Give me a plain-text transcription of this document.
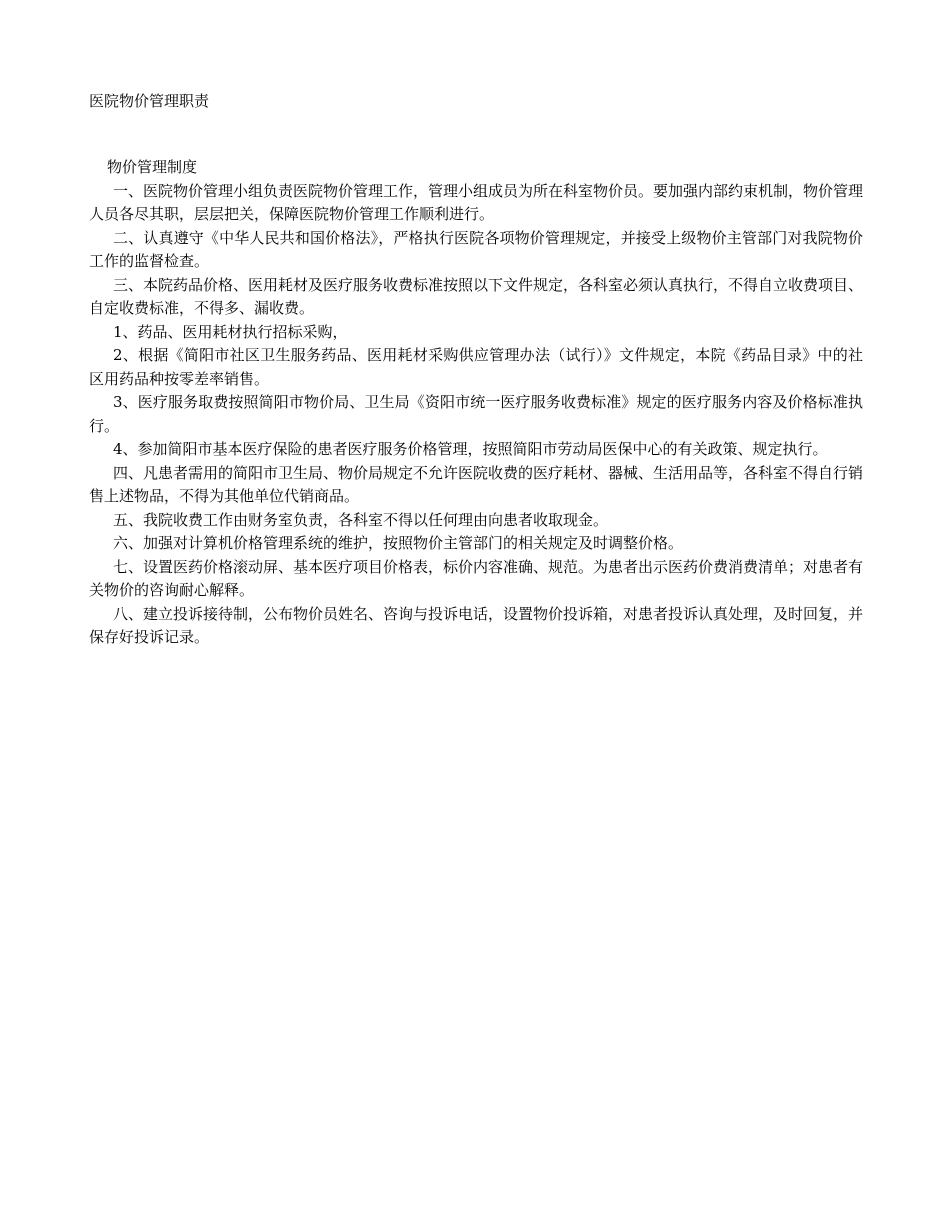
医院物价管理职责
物价管理制度

一、医院物价管理小组负责医院物价管理工作，管理小组成员为所在科室物价员。要加强内部约束机制，物价管理人员各尽其职，层层把关，保障医院物价管理工作顺利进行。

二、认真遵守《中华人民共和国价格法》，严格执行医院各项物价管理规定，并接受上级物价主管部门对我院物价工作的监督检查。

三、本院药品价格、医用耗材及医疗服务收费标准按照以下文件规定，各科室必须认真执行，不得自立收费项目、自定收费标准，不得多、漏收费。

1、药品、医用耗材执行招标采购，

2、根据《简阳市社区卫生服务药品、医用耗材采购供应管理办法（试行）》文件规定，本院《药品目录》中的社区用药品种按零差率销售。

3、医疗服务取费按照简阳市物价局、卫生局《资阳市统一医疗服务收费标准》规定的医疗服务内容及价格标准执行。

4、参加简阳市基本医疗保险的患者医疗服务价格管理，按照简阳市劳动局医保中心的有关政策、规定执行。

四、凡患者需用的简阳市卫生局、物价局规定不允许医院收费的医疗耗材、器械、生活用品等，各科室不得自行销售上述物品，不得为其他单位代销商品。

五、我院收费工作由财务室负责，各科室不得以任何理由向患者收取现金。

六、加强对计算机价格管理系统的维护，按照物价主管部门的相关规定及时调整价格。

七、设置医药价格滚动屏、基本医疗项目价格表，标价内容准确、规范。为患者出示医药价费消费清单；对患者有关物价的咨询耐心解释。

八、建立投诉接待制，公布物价员姓名、咨询与投诉电话，设置物价投诉箱，对患者投诉认真处理，及时回复，并保存好投诉记录。
